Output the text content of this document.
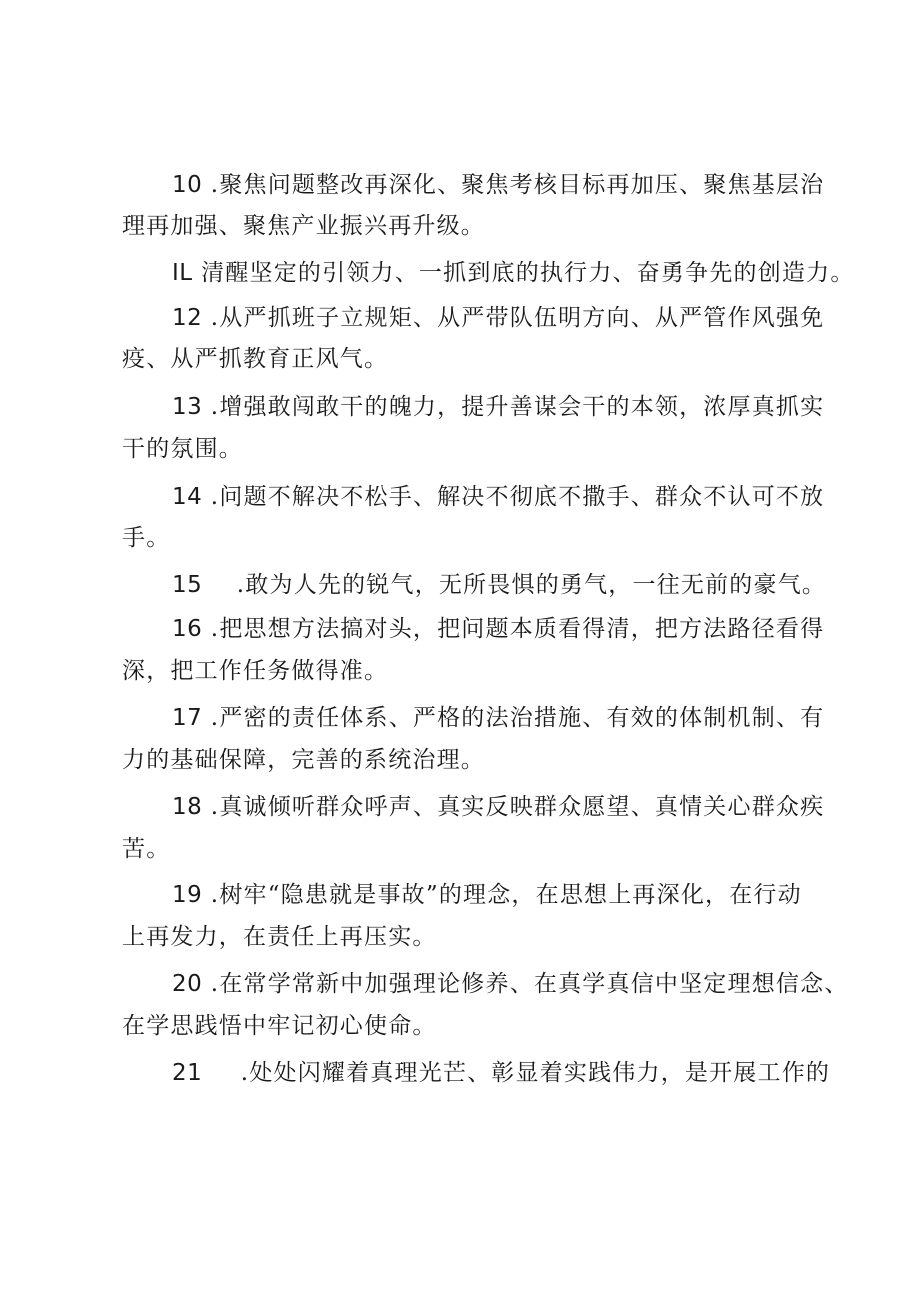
10 .聚焦问题整改再深化、聚焦考核目标再加压、聚焦基层治
理再加强、聚焦产业振兴再升级。
IL 清醒坚定的引领力、一抓到底的执行力、奋勇争先的创造力。
12 .从严抓班子立规矩、从严带队伍明方向、从严管作风强免
疫、从严抓教育正风气。
13 .增强敢闯敢干的魄力，提升善谋会干的本领，浓厚真抓实
干的氛围。
14 .问题不解决不松手、解决不彻底不撒手、群众不认可不放
手。
15 .敢为人先的锐气，无所畏惧的勇气，一往无前的豪气。
16 .把思想方法搞对头，把问题本质看得清，把方法路径看得
深，把工作任务做得准。
17 .严密的责任体系、严格的法治措施、有效的体制机制、有
力的基础保障，完善的系统治理。
18 .真诚倾听群众呼声、真实反映群众愿望、真情关心群众疾
苦。
19 .树牢“隐患就是事故”的理念，在思想上再深化，在行动
上再发力，在责任上再压实。
20 .在常学常新中加强理论修养、在真学真信中坚定理想信念、
在学思践悟中牢记初心使命。
21 .处处闪耀着真理光芒、彰显着实践伟力，是开展工作的
